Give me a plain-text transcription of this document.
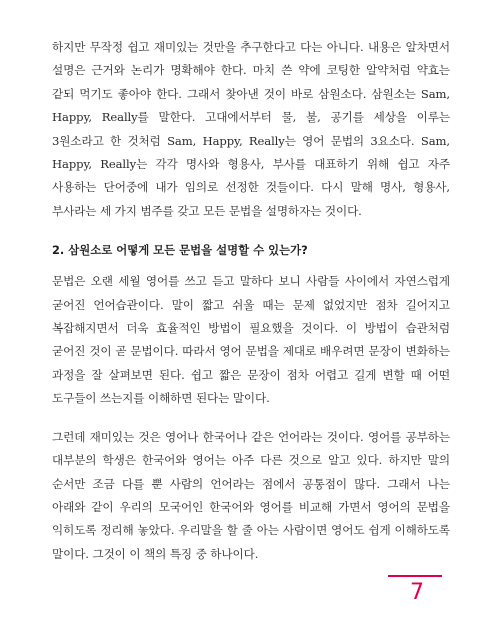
하지만 무작정 쉽고 재미있는 것만을 추구한다고 다는 아니다. 내용은 알차면서 설명은 근거와 논리가 명확해야 한다. 마치 쓴 약에 코팅한 알약처럼 약효는 같되 먹기도 좋아야 한다. 그래서 찾아낸 것이 바로 삼원소다. 삼원소는 Sam, Happy, Really를 말한다. 고대에서부터 물, 불, 공기를 세상을 이루는 3원소라고 한 것처럼 Sam, Happy, Really는 영어 문법의 3요소다. Sam, Happy, Really는 각각 명사와 형용사, 부사를 대표하기 위해 쉽고 자주 사용하는 단어중에 내가 임의로 선정한 것들이다. 다시 말해 명사, 형용사, 부사라는 세 가지 범주를 갖고 모든 문법을 설명하자는 것이다.

2. 삼원소로 어떻게 모든 문법을 설명할 수 있는가?

문법은 오랜 세월 영어를 쓰고 듣고 말하다 보니 사람들 사이에서 자연스럽게 굳어진 언어습관이다. 말이 짧고 쉬울 때는 문제 없었지만 점차 길어지고 복잡해지면서 더욱 효율적인 방법이 필요했을 것이다. 이 방법이 습관처럼 굳어진 것이 곧 문법이다. 따라서 영어 문법을 제대로 배우려면 문장이 변화하는 과정을 잘 살펴보면 된다. 쉽고 짧은 문장이 점차 어렵고 길게 변할 때 어떤 도구들이 쓰는지를 이해하면 된다는 말이다.

그런데 재미있는 것은 영어나 한국어나 같은 언어라는 것이다. 영어를 공부하는 대부분의 학생은 한국어와 영어는 아주 다른 것으로 알고 있다. 하지만 말의 순서만 조금 다를 뿐 사람의 언어라는 점에서 공통점이 많다. 그래서 나는 아래와 같이 우리의 모국어인 한국어와 영어를 비교해 가면서 영어의 문법을 익히도록 정리해 놓았다. 우리말을 할 줄 아는 사람이면 영어도 쉽게 이해하도록 말이다. 그것이 이 책의 특징 중 하나이다.

7
